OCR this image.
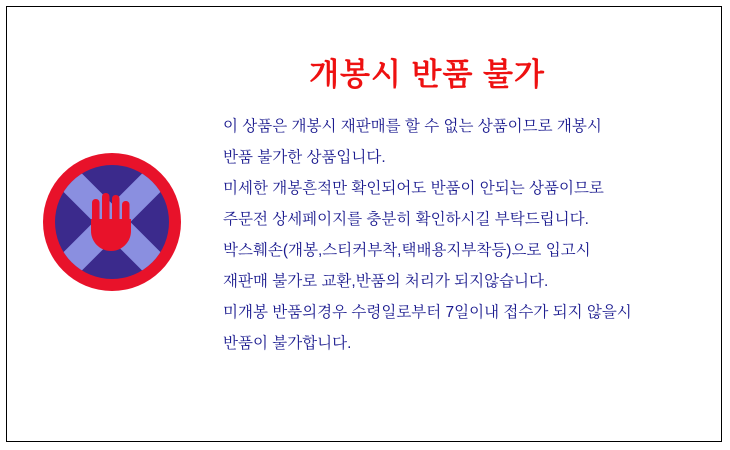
개봉시 반품 불가
이 상품은 개봉시 재판매를 할 수 없는 상품이므로 개봉시
반품 불가한 상품입니다.
미세한 개봉흔적만 확인되어도 반품이 안되는 상품이므로
주문전 상세페이지를 충분히 확인하시길 부탁드립니다.
박스훼손(개봉,스티커부착,택배용지부착등)으로 입고시
재판매 불가로 교환,반품의 처리가 되지않습니다.
미개봉 반품의경우 수령일로부터 7일이내 접수가 되지 않을시
반품이 불가합니다.
